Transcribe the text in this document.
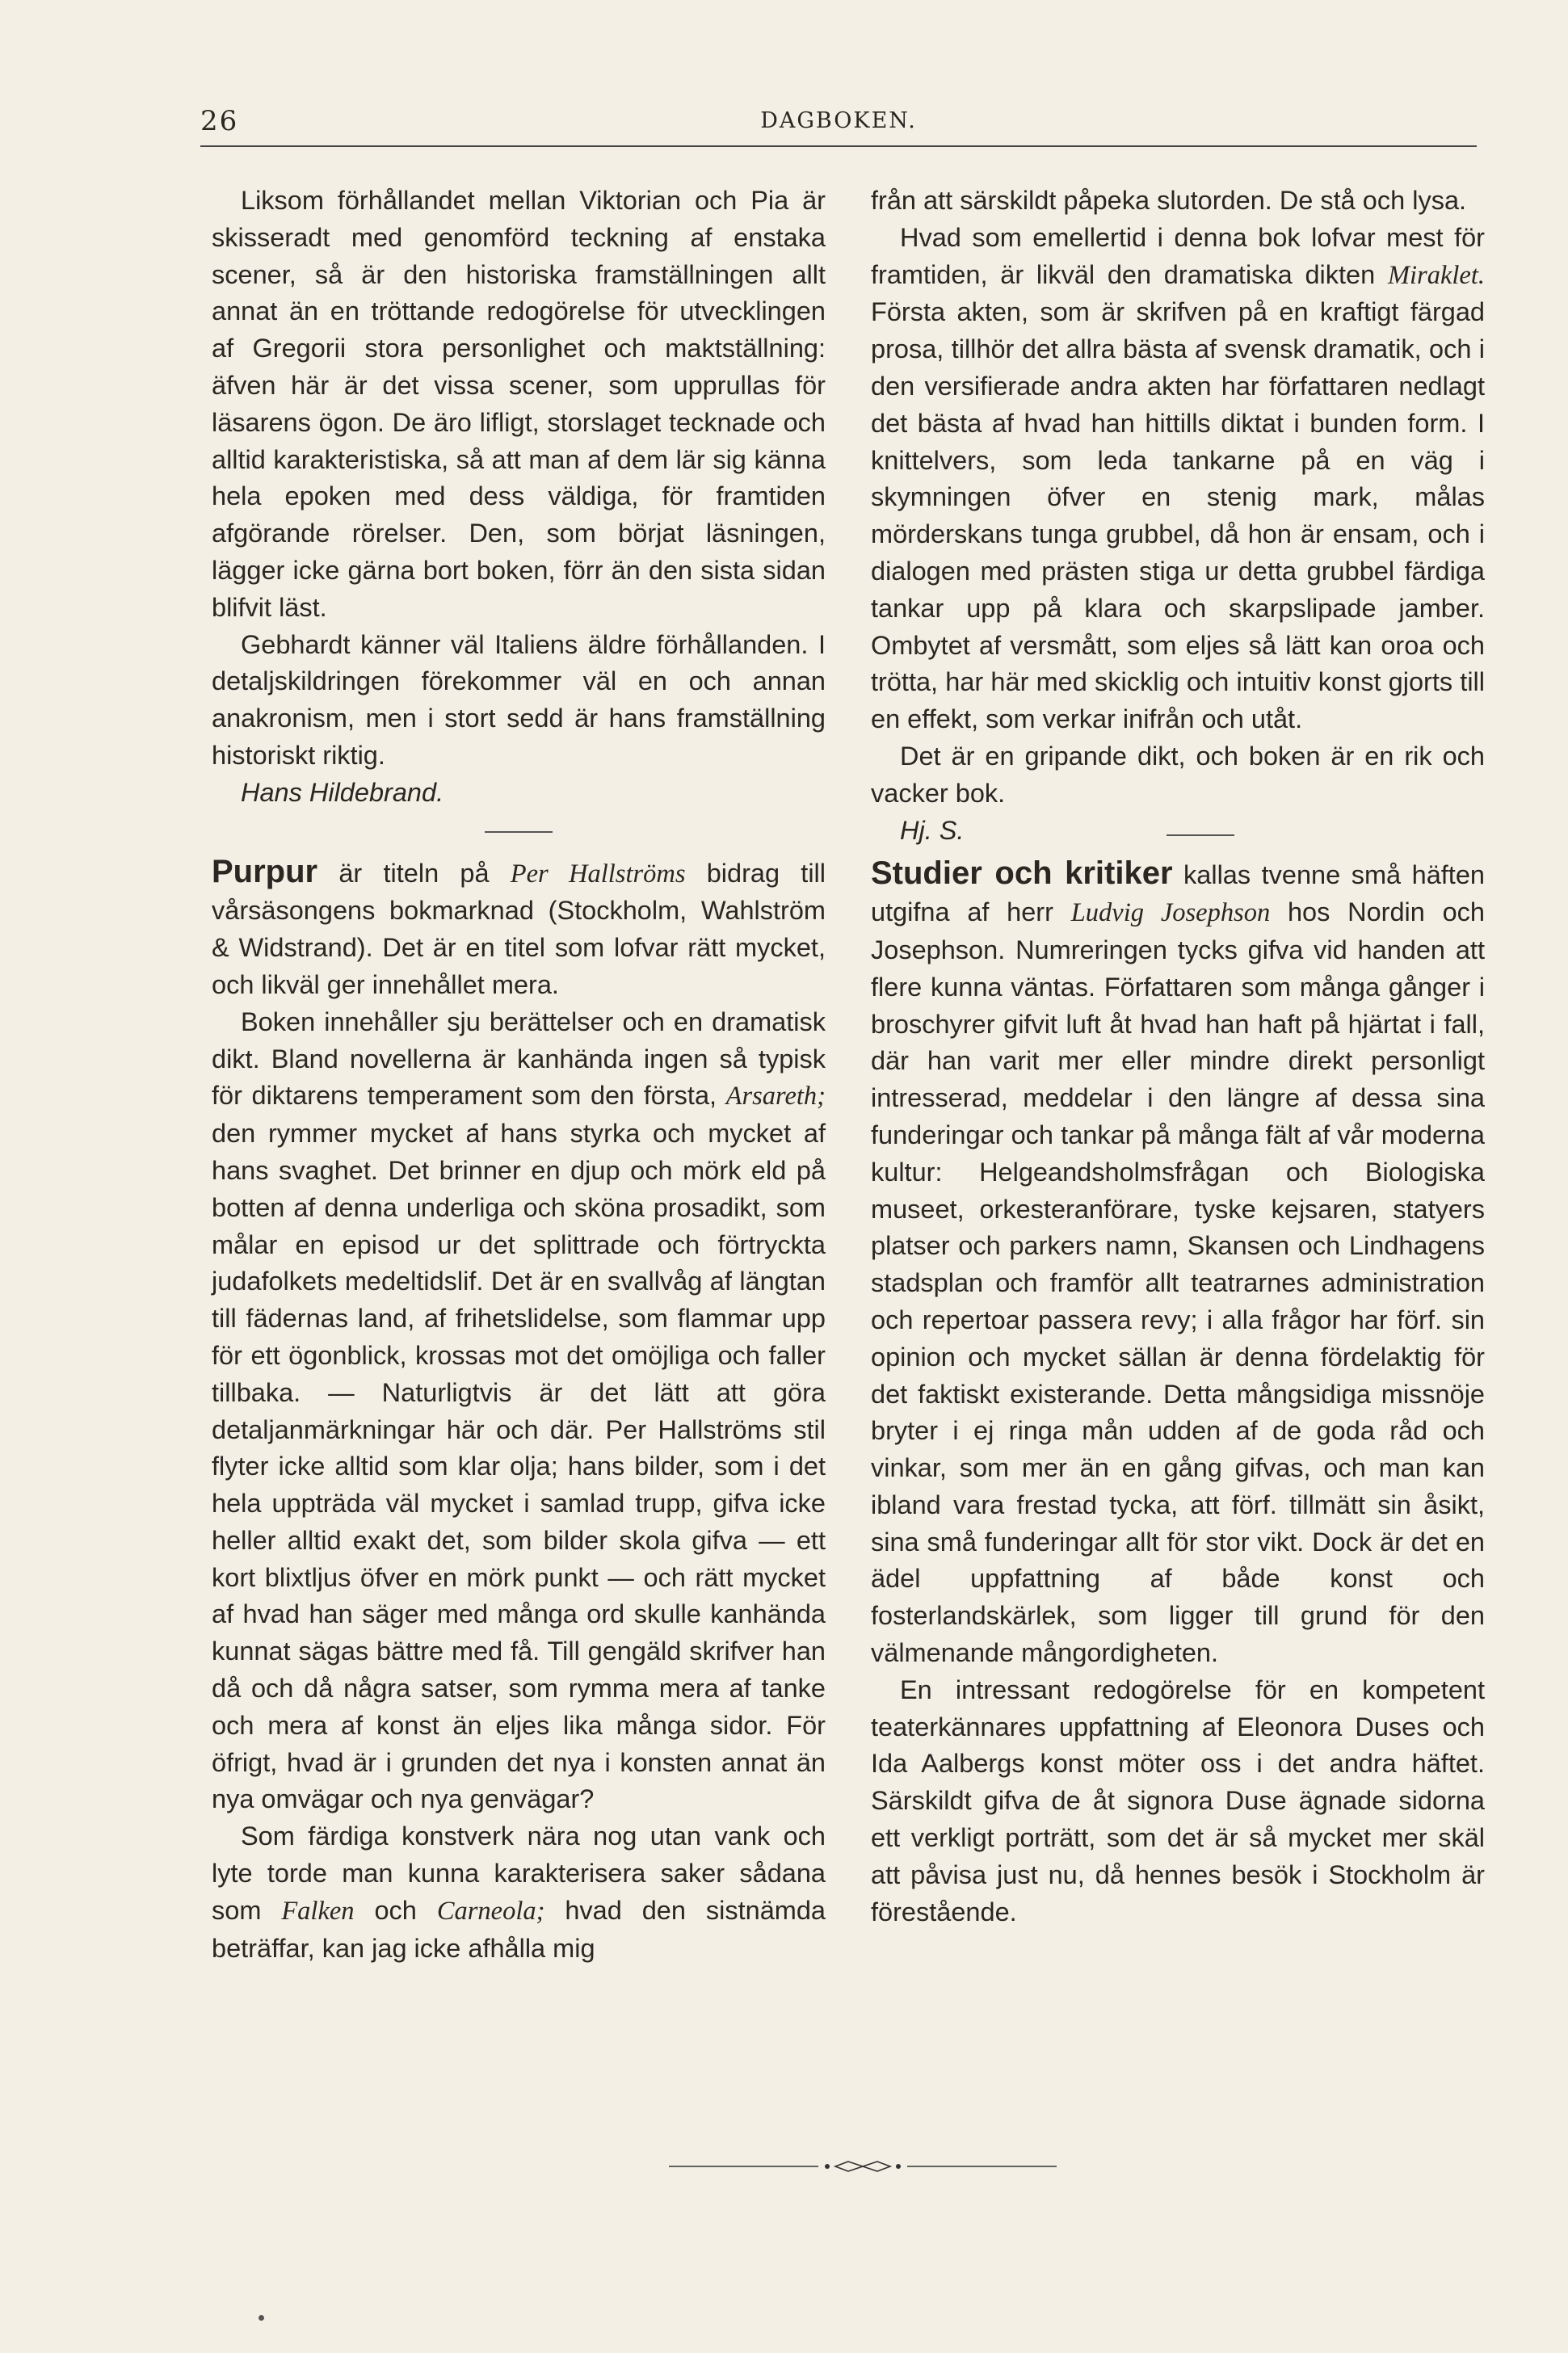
26	DAGBOKEN.

Liksom förhållandet mellan Viktorian och Pia är skisseradt med genomförd teckning af enstaka scener, så är den historiska framställningen allt annat än en tröttande redogörelse för utvecklingen af Gregorii stora personlighet och maktställning: äfven här är det vissa scener, som upprullas för läsarens ögon. De äro lifligt, storslaget tecknade och alltid karakteristiska, så att man af dem lär sig känna hela epoken med dess väldiga, för framtiden afgörande rörelser. Den, som börjat läsningen, lägger icke gärna bort boken, förr än den sista sidan blifvit läst.

Gebhardt känner väl Italiens äldre förhållanden. I detaljskildringen förekommer väl en och annan anakronism, men i stort sedd är hans framställning historiskt riktig.

Hans Hildebrand.

Purpur är titeln på Per Hallströms bidrag till vårsäsongens bokmarknad (Stockholm, Wahlström & Widstrand). Det är en titel som lofvar rätt mycket, och likväl ger innehållet mera.

Boken innehåller sju berättelser och en dramatisk dikt. Bland novellerna är kanhända ingen så typisk för diktarens temperament som den första, Arsareth; den rymmer mycket af hans styrka och mycket af hans svaghet. Det brinner en djup och mörk eld på botten af denna underliga och sköna prosadikt, som målar en episod ur det splittrade och förtryckta judafolkets medeltidslif. Det är en svallvåg af längtan till fädernas land, af frihetslidelse, som flammar upp för ett ögonblick, krossas mot det omöjliga och faller tillbaka. — Naturligtvis är det lätt att göra detaljanmärkningar här och där. Per Hallströms stil flyter icke alltid som klar olja; hans bilder, som i det hela uppträda väl mycket i samlad trupp, gifva icke heller alltid exakt det, som bilder skola gifva — ett kort blixtljus öfver en mörk punkt — och rätt mycket af hvad han säger med många ord skulle kanhända kunnat sägas bättre med få. Till gengäld skrifver han då och då några satser, som rymma mera af tanke och mera af konst än eljes lika många sidor. För öfrigt, hvad är i grunden det nya i konsten annat än nya omvägar och nya genvägar?

Som färdiga konstverk nära nog utan vank och lyte torde man kunna karakterisera saker sådana som Falken och Carneola; hvad den sistnämda beträffar, kan jag icke afhålla mig

från att särskildt påpeka slutorden. De stå och lysa.

Hvad som emellertid i denna bok lofvar mest för framtiden, är likväl den dramatiska dikten Miraklet. Första akten, som är skrifven på en kraftigt färgad prosa, tillhör det allra bästa af svensk dramatik, och i den versifierade andra akten har författaren nedlagt det bästa af hvad han hittills diktat i bunden form. I knittelvers, som leda tankarne på en väg i skymningen öfver en stenig mark, målas mörderskans tunga grubbel, då hon är ensam, och i dialogen med prästen stiga ur detta grubbel färdiga tankar upp på klara och skarpslipade jamber. Ombytet af versmått, som eljes så lätt kan oroa och trötta, har här med skicklig och intuitiv konst gjorts till en effekt, som verkar inifrån och utåt.

Det är en gripande dikt, och boken är en rik och vacker bok.

Hj. S.

Studier och kritiker kallas tvenne små häften utgifna af herr Ludvig Josephson hos Nordin och Josephson. Numreringen tycks gifva vid handen att flere kunna väntas. Författaren som många gånger i broschyrer gifvit luft åt hvad han haft på hjärtat i fall, där han varit mer eller mindre direkt personligt intresserad, meddelar i den längre af dessa sina funderingar och tankar på många fält af vår moderna kultur: Helgeandsholmsfrågan och Biologiska museet, orkesteranförare, tyske kejsaren, statyers platser och parkers namn, Skansen och Lindhagens stadsplan och framför allt teatrarnes administration och repertoar passera revy; i alla frågor har förf. sin opinion och mycket sällan är denna fördelaktig för det faktiskt existerande. Detta mångsidiga missnöje bryter i ej ringa mån udden af de goda råd och vinkar, som mer än en gång gifvas, och man kan ibland vara frestad tycka, att förf. tillmätt sin åsikt, sina små funderingar allt för stor vikt. Dock är det en ädel uppfattning af både konst och fosterlandskärlek, som ligger till grund för den välmenande mångordigheten.

En intressant redogörelse för en kompetent teaterkännares uppfattning af Eleonora Duses och Ida Aalbergs konst möter oss i det andra häftet. Särskildt gifva de åt signora Duse ägnade sidorna ett verkligt porträtt, som det är så mycket mer skäl att påvisa just nu, då hennes besök i Stockholm är förestående.
